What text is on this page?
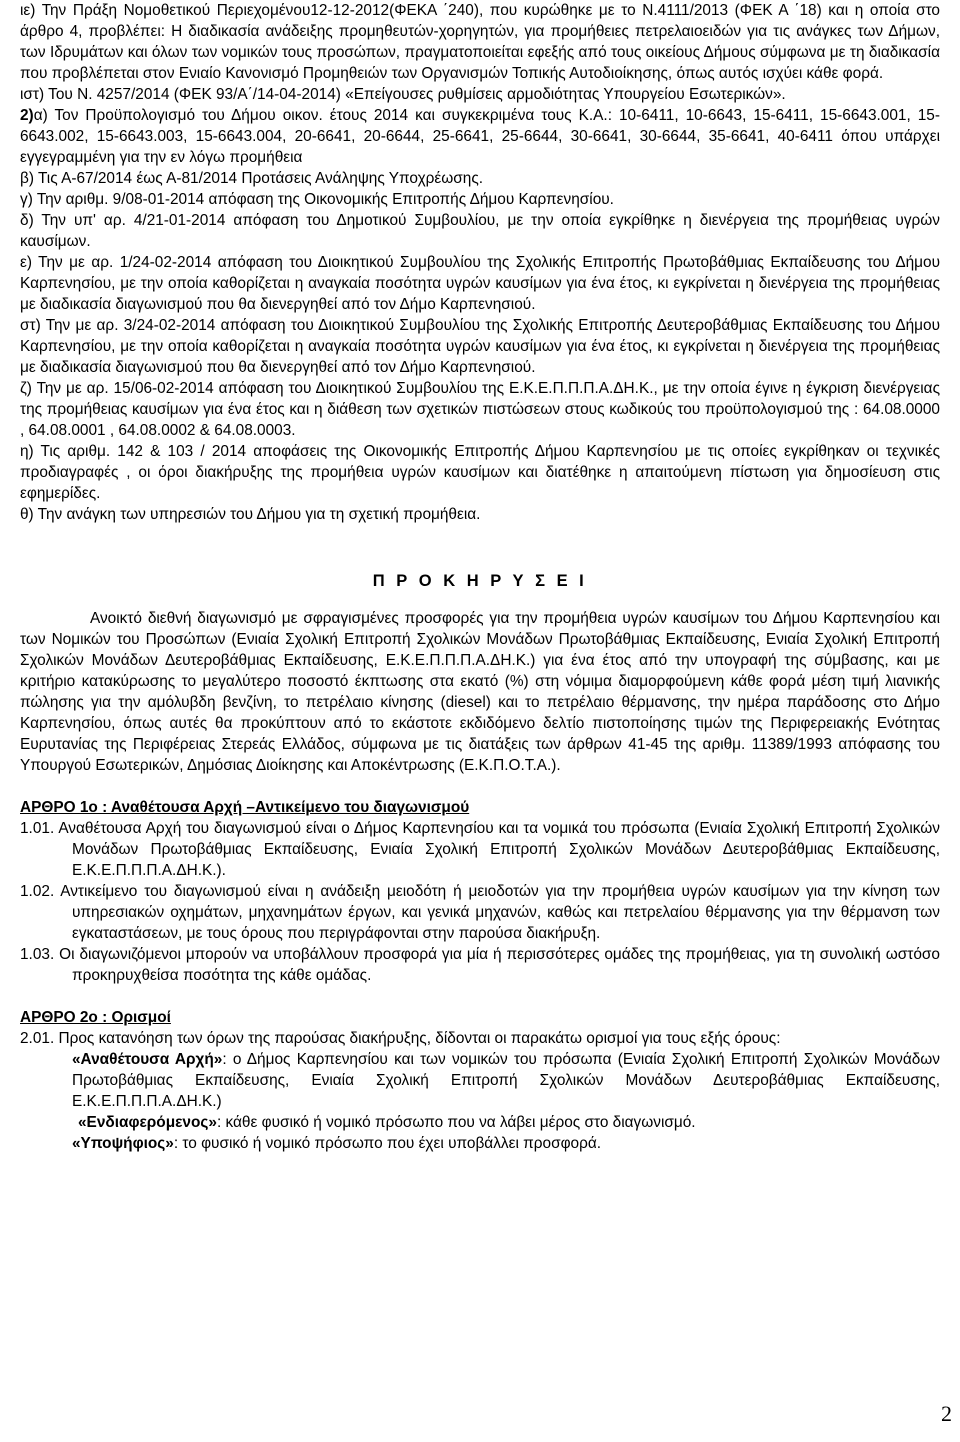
ιε) Την Πράξη Νομοθετικού Περιεχομένου12-12-2012(ΦΕΚΑ ΄240), που κυρώθηκε με το Ν.4111/2013 (ΦΕΚ Α ΄18) και η οποία στο άρθρο 4, προβλέπει: Η διαδικασία ανάδειξης προμηθευτών-χορηγητών, για προμήθειες πετρελαιοειδών για τις ανάγκες των Δήμων, των Ιδρυμάτων και όλων των νομικών τους προσώπων, πραγματοποιείται εφεξής από τους οικείους Δήμους σύμφωνα με τη διαδικασία που προβλέπεται στον Ενιαίο Κανονισμό Προμηθειών των Οργανισμών Τοπικής Αυτοδιοίκησης, όπως αυτός ισχύει κάθε φορά.

ιστ) Του Ν. 4257/2014 (ΦΕΚ 93/Α΄/14-04-2014) «Επείγουσες ρυθμίσεις αρμοδιότητας Υπουργείου Εσωτερικών».

2)α) Τον Προϋπολογισμό του Δήμου οικον. έτους 2014 και συγκεκριμένα τους Κ.Α.: 10-6411, 10-6643, 15-6411, 15-6643.001, 15-6643.002, 15-6643.003, 15-6643.004, 20-6641, 20-6644, 25-6641, 25-6644, 30-6641, 30-6644, 35-6641, 40-6411 όπου υπάρχει εγγεγραμμένη για την εν λόγω προμήθεια

β) Τις Α-67/2014 έως Α-81/2014 Προτάσεις Ανάληψης Υποχρέωσης.

γ) Την αριθμ. 9/08-01-2014 απόφαση της Οικονομικής Επιτροπής Δήμου Καρπενησίου.

δ) Την υπ' αρ. 4/21-01-2014 απόφαση του Δημοτικού Συμβουλίου, με την οποία εγκρίθηκε η διενέργεια της προμήθειας υγρών καυσίμων.

ε) Την με αρ. 1/24-02-2014 απόφαση του Διοικητικού Συμβουλίου της Σχολικής Επιτροπής Πρωτοβάθμιας Εκπαίδευσης του Δήμου Καρπενησίου, με την οποία καθορίζεται η αναγκαία ποσότητα υγρών καυσίμων για ένα έτος, κι εγκρίνεται η διενέργεια της προμήθειας με διαδικασία διαγωνισμού που θα διενεργηθεί από τον Δήμο Καρπενησιού.

στ) Την με αρ. 3/24-02-2014 απόφαση του Διοικητικού Συμβουλίου της Σχολικής Επιτροπής Δευτεροβάθμιας Εκπαίδευσης του Δήμου Καρπενησίου, με την οποία καθορίζεται η αναγκαία ποσότητα υγρών καυσίμων για ένα έτος, κι εγκρίνεται η διενέργεια της προμήθειας με διαδικασία διαγωνισμού που θα διενεργηθεί από τον Δήμο Καρπενησιού.

ζ) Την με αρ. 15/06-02-2014 απόφαση του Διοικητικού Συμβουλίου της Ε.Κ.Ε.Π.Π.Π.Α.ΔΗ.Κ., με την οποία έγινε η έγκριση διενέργειας της προμήθειας καυσίμων για ένα έτος και η διάθεση των σχετικών πιστώσεων στους κωδικούς του προϋπολογισμού της : 64.08.0000 , 64.08.0001 , 64.08.0002 & 64.08.0003.

η) Τις αριθμ. 142 & 103 / 2014 αποφάσεις της Οικονομικής Επιτροπής Δήμου Καρπενησίου με τις οποίες εγκρίθηκαν οι τεχνικές προδιαγραφές , οι όροι διακήρυξης της προμήθεια υγρών καυσίμων και διατέθηκε η απαιτούμενη πίστωση για δημοσίευση στις εφημερίδες.

θ) Την ανάγκη των υπηρεσιών του Δήμου για τη σχετική προμήθεια.

Π Ρ Ο Κ Η Ρ Υ Σ Ε Ι

Ανοικτό διεθνή διαγωνισμό με σφραγισμένες προσφορές για την προμήθεια υγρών καυσίμων του Δήμου Καρπενησίου και των Νομικών του Προσώπων (Ενιαία Σχολική Επιτροπή Σχολικών Μονάδων Πρωτοβάθμιας Εκπαίδευσης, Ενιαία Σχολική Επιτροπή Σχολικών Μονάδων Δευτεροβάθμιας Εκπαίδευσης, Ε.Κ.Ε.Π.Π.Π.Α.ΔΗ.Κ.) για ένα έτος από την υπογραφή της σύμβασης, και με κριτήριο κατακύρωσης το μεγαλύτερο ποσοστό έκπτωσης στα εκατό (%) στη νόμιμα διαμορφούμενη κάθε φορά μέση τιμή λιανικής πώλησης για την αμόλυβδη βενζίνη, το πετρέλαιο κίνησης (diesel) και το πετρέλαιο θέρμανσης, την ημέρα παράδοσης στο Δήμο Καρπενησίου, όπως αυτές θα προκύπτουν από το εκάστοτε εκδιδόμενο δελτίο πιστοποίησης τιμών της Περιφερειακής Ενότητας Ευρυτανίας της Περιφέρειας Στερεάς Ελλάδος, σύμφωνα με τις διατάξεις των άρθρων 41-45 της αριθμ. 11389/1993 απόφασης του Υπουργού Εσωτερικών, Δημόσιας Διοίκησης και Αποκέντρωσης (Ε.Κ.Π.Ο.Τ.Α.).

ΑΡΘΡΟ 1ο : Αναθέτουσα Αρχή –Αντικείμενο του διαγωνισμού

1.01. Αναθέτουσα Αρχή του διαγωνισμού είναι ο Δήμος Καρπενησίου και τα νομικά του πρόσωπα (Ενιαία Σχολική Επιτροπή Σχολικών Μονάδων Πρωτοβάθμιας Εκπαίδευσης, Ενιαία Σχολική Επιτροπή Σχολικών Μονάδων Δευτεροβάθμιας Εκπαίδευσης, Ε.Κ.Ε.Π.Π.Π.Α.ΔΗ.Κ.).

1.02. Αντικείμενο του διαγωνισμού είναι η ανάδειξη μειοδότη ή μειοδοτών για την προμήθεια υγρών καυσίμων για την κίνηση των υπηρεσιακών οχημάτων, μηχανημάτων έργων, και γενικά μηχανών, καθώς και πετρελαίου θέρμανσης για την θέρμανση των εγκαταστάσεων, με τους όρους που περιγράφονται στην παρούσα διακήρυξη.

1.03. Οι διαγωνιζόμενοι μπορούν να υποβάλλουν προσφορά για μία ή περισσότερες ομάδες της προμήθειας, για τη συνολική ωστόσο προκηρυχθείσα ποσότητα της κάθε ομάδας.

ΑΡΘΡΟ 2ο : Ορισμοί

2.01. Προς κατανόηση των όρων της παρούσας διακήρυξης, δίδονται οι παρακάτω ορισμοί για τους εξής όρους:

«Αναθέτουσα Αρχή»: ο Δήμος Καρπενησίου και των νομικών του πρόσωπα (Ενιαία Σχολική Επιτροπή Σχολικών Μονάδων Πρωτοβάθμιας Εκπαίδευσης, Ενιαία Σχολική Επιτροπή Σχολικών Μονάδων Δευτεροβάθμιας Εκπαίδευσης, Ε.Κ.Ε.Π.Π.Π.Α.ΔΗ.Κ.)

«Ενδιαφερόμενος»: κάθε φυσικό ή νομικό πρόσωπο που να λάβει μέρος στο διαγωνισμό.

«Υποψήφιος»: το φυσικό ή νομικό πρόσωπο που έχει υποβάλλει προσφορά.

2
